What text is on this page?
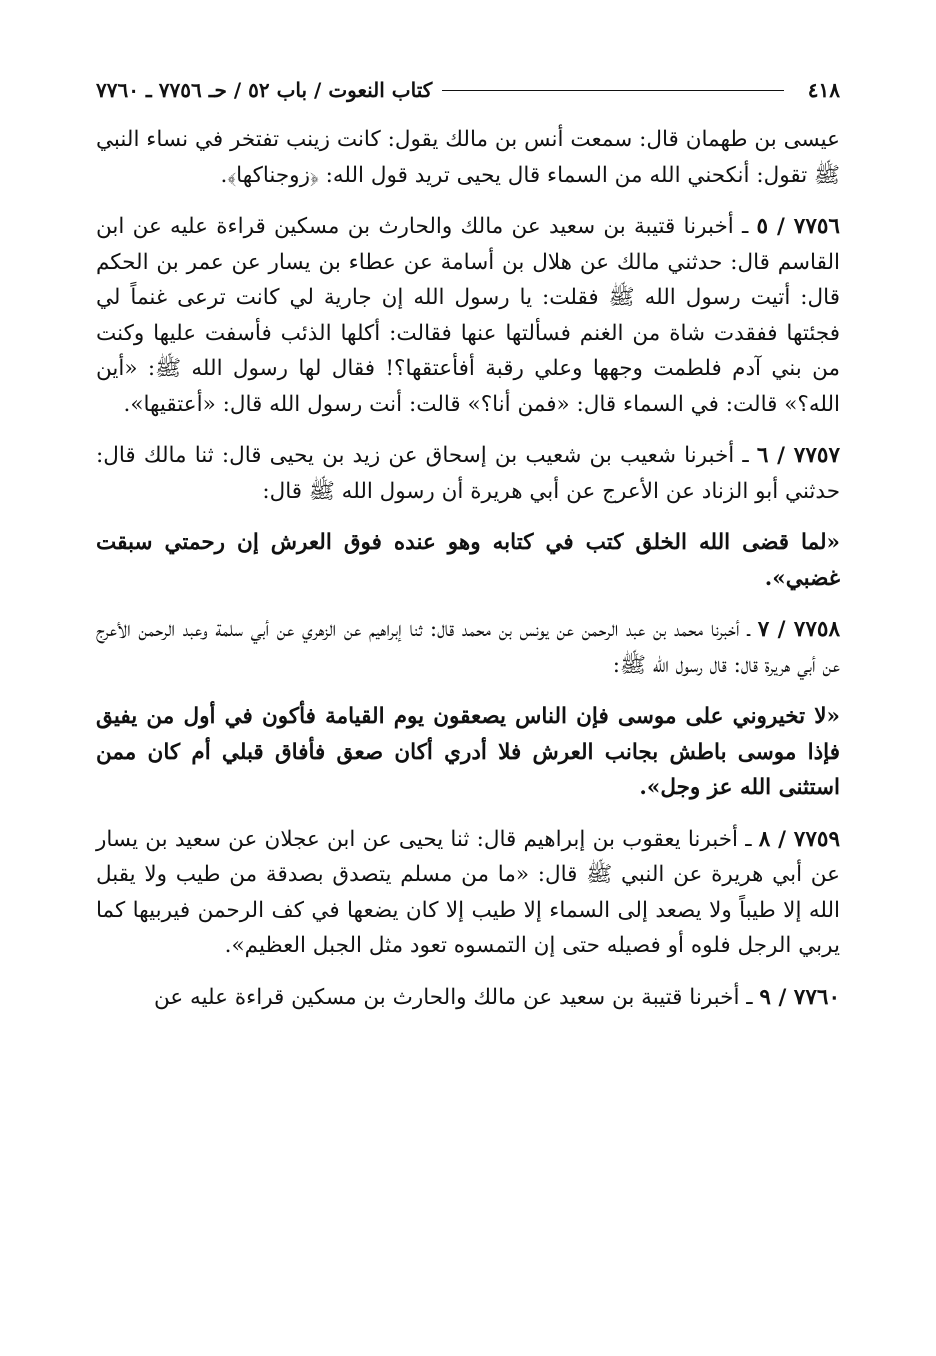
٤١٨
كتاب النعوت / باب ٥٢ / حـ ٧٧٥٦ ـ ٧٧٦٠

عيسى بن طهمان قال: سمعت أنس بن مالك يقول: كانت زينب تفتخر في نساء النبي ﷺ تقول: أنكحني الله من السماء قال يحيى تريد قول الله: ﴿زوجناكها﴾.

٧٧٥٦ / ٥ ـ أخبرنا قتيبة بن سعيد عن مالك والحارث بن مسكين قراءة عليه عن ابن القاسم قال: حدثني مالك عن هلال بن أسامة عن عطاء بن يسار عن عمر بن الحكم قال: أتيت رسول الله ﷺ فقلت: يا رسول الله إن جارية لي كانت ترعى غنماً لي فجئتها ففقدت شاة من الغنم فسألتها عنها فقالت: أكلها الذئب فأسفت عليها وكنت من بني آدم فلطمت وجهها وعلي رقبة أفأعتقها؟! فقال لها رسول الله ﷺ: «أين الله؟» قالت: في السماء قال: «فمن أنا؟» قالت: أنت رسول الله قال: «أعتقيها».

٧٧٥٧ / ٦ ـ أخبرنا شعيب بن شعيب بن إسحاق عن زيد بن يحيى قال: ثنا مالك قال: حدثني أبو الزناد عن الأعرج عن أبي هريرة أن رسول الله ﷺ قال:

«لما قضى الله الخلق كتب في كتابه وهو عنده فوق العرش إن رحمتي سبقت غضبي».

٧٧٥٨ / ٧ ـ أخبرنا محمد بن عبد الرحمن عن يونس بن محمد قال: ثنا إبراهيم عن الزهري عن أبي سلمة وعبد الرحمن الأعرج عن أبي هريرة قال: قال رسول الله ﷺ:

«لا تخيروني على موسى فإن الناس يصعقون يوم القيامة فأكون في أول من يفيق فإذا موسى باطش بجانب العرش فلا أدري أكان صعق فأفاق قبلي أم كان ممن استثنى الله عز وجل».

٧٧٥٩ / ٨ ـ أخبرنا يعقوب بن إبراهيم قال: ثنا يحيى عن ابن عجلان عن سعيد بن يسار عن أبي هريرة عن النبي ﷺ قال: «ما من مسلم يتصدق بصدقة من طيب ولا يقبل الله إلا طيباً ولا يصعد إلى السماء إلا طيب إلا كان يضعها في كف الرحمن فيربيها كما يربي الرجل فلوه أو فصيله حتى إن التمسوه تعود مثل الجبل العظيم».

٧٧٦٠ / ٩ ـ أخبرنا قتيبة بن سعيد عن مالك والحارث بن مسكين قراءة عليه عن
